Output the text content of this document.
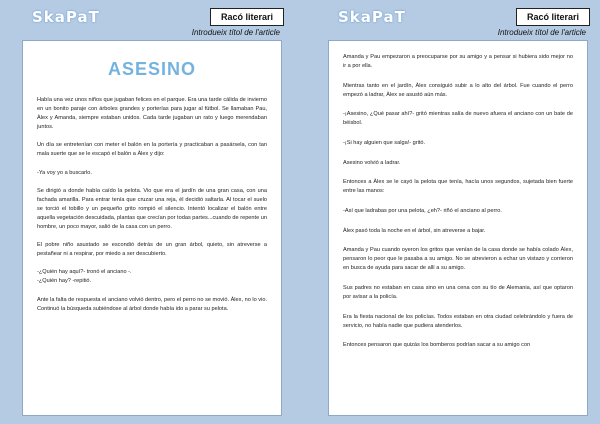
SkaPaT	Racó literari
Introdueix títol de l'article
ASESINO

Había una vez unos niños que jugaban felices en el parque. Era una tarde cálida de invierno en un bonito paraje con árboles grandes y porterías para jugar al fútbol. Se llamaban Pau, Àlex y Amanda, siempre estaban unidos. Cada tarde jugaban un rato y luego merendaban juntos.

Un día se entretenían con meter el balón en la portería y practicaban a pasársela, con tan mala suerte que se le escapó el balón a Àlex y dijo:

-Ya voy yo a buscarlo.

Se dirigió a donde había caído la pelota. Vio que era el jardín de una gran casa, con una fachada amarilla. Para entrar tenía que cruzar una reja, él decidió saltarla. Al tocar el suelo se torció el tobillo y un pequeño grito rompió el silencio. Intentó localizar el balón entre aquella vegetación descuidada, plantas que crecían por todas partes...cuando de repente un hombre, un poco mayor, salió de la casa con un perro.

El pobre niño asustado se escondió detrás de un gran árbol, quieto, sin atreverse a pestañear ni a respirar, por miedo a ser descubierto.

-¿Quién hay aquí?- tronó el anciano -.

-¿Quién hay? -repitió.

Ante la falta de respuesta el anciano volvió dentro, pero el perro no se movió. Àlex, no lo vio. Continuó la búsqueda subiéndose al árbol donde había ido a parar su pelota.

SkaPaT	Racó literari
Introdueix títol de l'article

Amanda y Pau empezaron a preocuparse por su amigo y a pensar si hubiera sido mejor no ir a por ella.

Mientras tanto en el jardín, Àlex consiguió subir a lo alto del árbol. Fue cuando el perro empezó a ladrar, Àlex se asustó aún más.

-¡Asesino, ¿Qué pasar ahí?- gritó mientras salía de nuevo afuera el anciano con un bate de béisbol.

-¡Si hay alguien que salga!- gritó.

Asesino volvió a ladrar.

Entonces a Àlex se le cayó la pelota que tenía, hacía unos segundos, sujetada bien fuerte entre las manos:

-Así que ladrabas por una pelota, ¿eh?- riñó el anciano al perro.

Àlex pasó toda la noche en el árbol, sin atreverse a bajar.

Amanda y Pau cuando oyeron los gritos que venían de la casa donde se había colado Àlex, pensaron lo peor que le pasaba a su amigo. No se atrevieron a echar un vistazo y corrieron en busca de ayuda para sacar de allí a su amigo.

Sus padres no estaban en casa sino en una cena con su tío de Alemania, así que optaron por avisar a la policía.

Era la fiesta nacional de los policías. Todos estaban en otra ciudad celebrándolo y fuera de servicio, no había nadie que pudiera atenderlos.

Entonces pensaron que quizás los bomberos podrían sacar a su amigo con
